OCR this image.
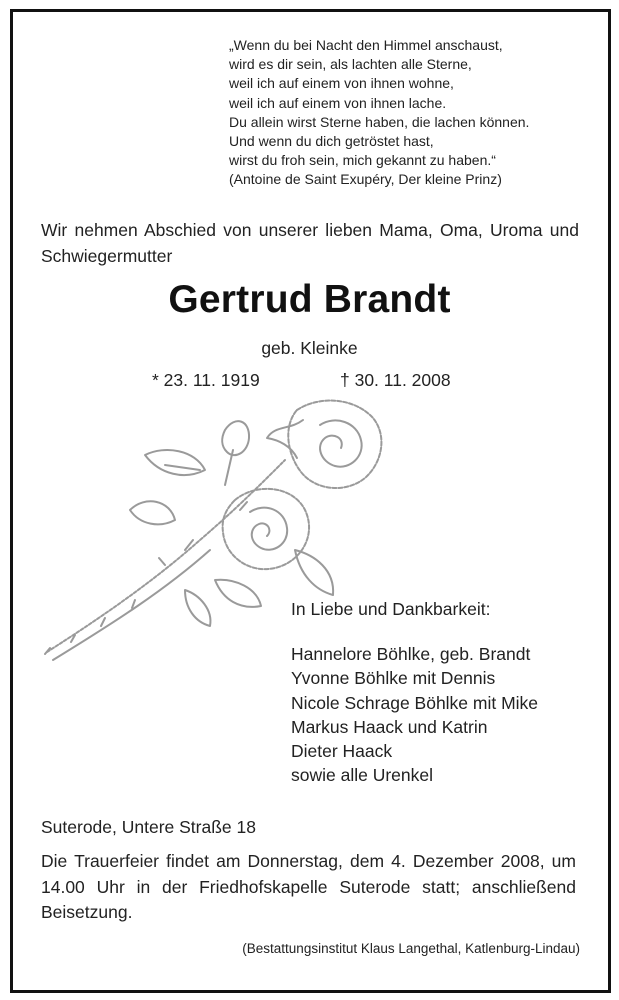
„Wenn du bei Nacht den Himmel anschaust,
wird es dir sein, als lachten alle Sterne,
weil ich auf einem von ihnen wohne,
weil ich auf einem von ihnen lache.
Du allein wirst Sterne haben, die lachen können.
Und wenn du dich getröstet hast,
wirst du froh sein, mich gekannt zu haben.“
(Antoine de Saint Exupéry, Der kleine Prinz)
Wir nehmen Abschied von unserer lieben Mama, Oma, Uroma und Schwiegermutter
Gertrud Brandt
geb. Kleinke
* 23. 11. 1919	† 30. 11. 2008
In Liebe und Dankbarkeit:
Hannelore Böhlke, geb. Brandt
Yvonne Böhlke mit Dennis
Nicole Schrage Böhlke mit Mike
Markus Haack und Katrin
Dieter Haack
sowie alle Urenkel
Suterode, Untere Straße 18
Die Trauerfeier findet am Donnerstag, dem 4. Dezember 2008, um 14.00 Uhr in der Friedhofskapelle Suterode statt; anschließend Beisetzung.
(Bestattungsinstitut Klaus Langethal, Katlenburg-Lindau)
